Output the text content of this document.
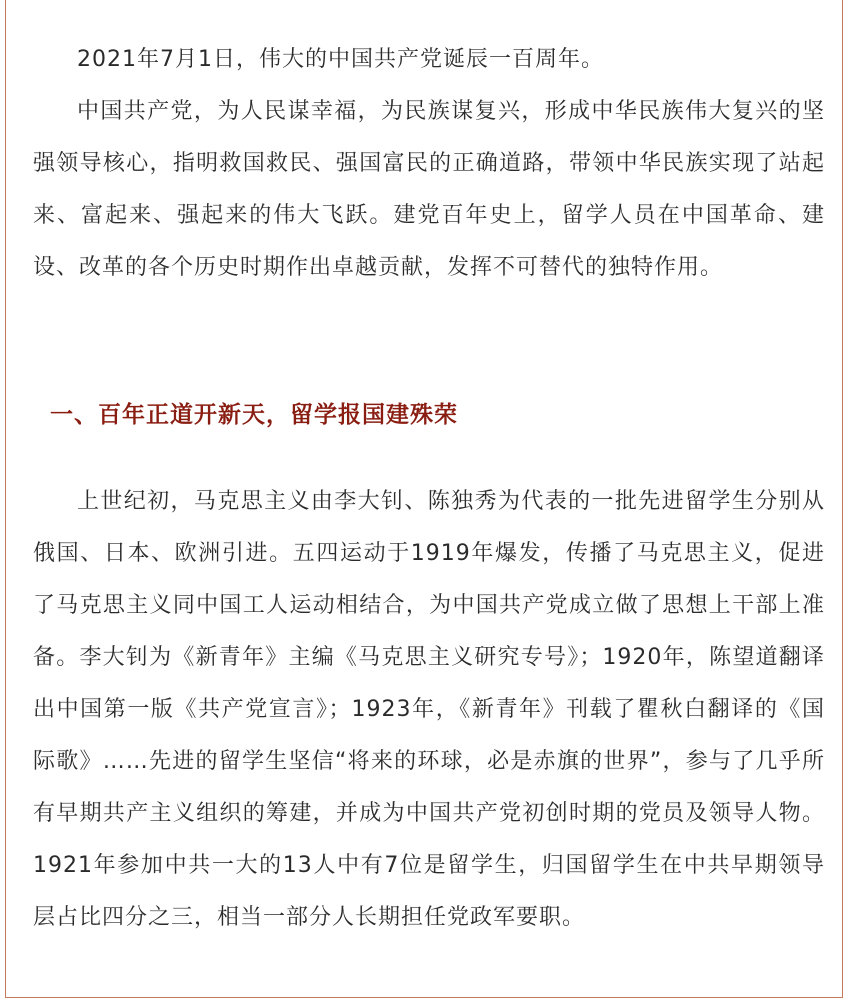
2021年7月1日，伟大的中国共产党诞辰一百周年。

中国共产党，为人民谋幸福，为民族谋复兴，形成中华民族伟大复兴的坚强领导核心，指明救国救民、强国富民的正确道路，带领中华民族实现了站起来、富起来、强起来的伟大飞跃。建党百年史上，留学人员在中国革命、建设、改革的各个历史时期作出卓越贡献，发挥不可替代的独特作用。

上世纪初，马克思主义由李大钊、陈独秀为代表的一批先进留学生分别从俄国、日本、欧洲引进。五四运动于1919年爆发，传播了马克思主义，促进了马克思主义同中国工人运动相结合，为中国共产党成立做了思想上干部上准备。李大钊为《新青年》主编《马克思主义研究专号》；1920年，陈望道翻译出中国第一版《共产党宣言》；1923年，《新青年》刊载了瞿秋白翻译的《国际歌》……先进的留学生坚信“将来的环球，必是赤旗的世界”，参与了几乎所有早期共产主义组织的筹建，并成为中国共产党初创时期的党员及领导人物。1921年参加中共一大的13人中有7位是留学生，归国留学生在中共早期领导层占比四分之三，相当一部分人长期担任党政军要职。

一、百年正道开新天，留学报国建殊荣
